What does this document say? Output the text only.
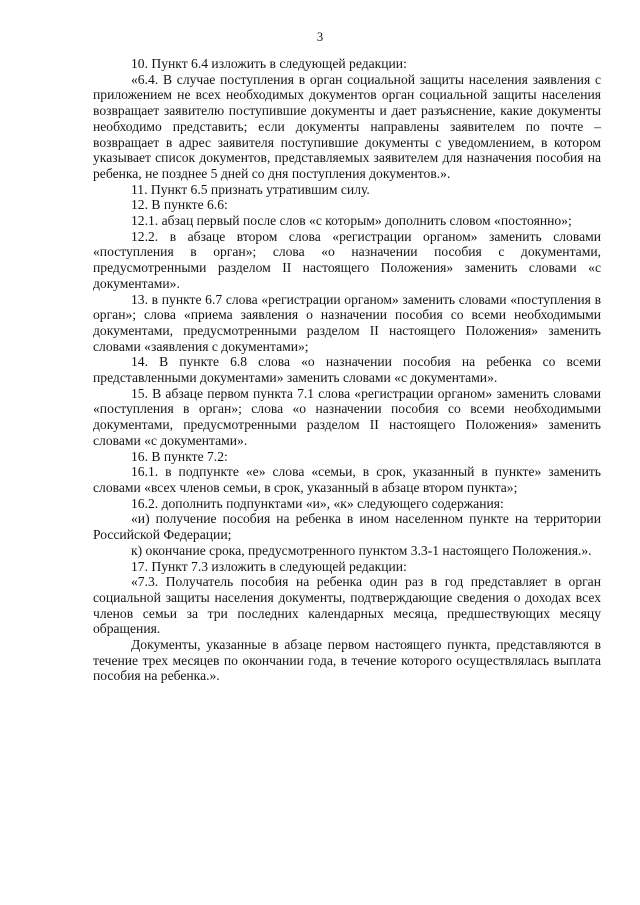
3

10. Пункт 6.4 изложить в следующей редакции:

«6.4. В случае поступления в орган социальной защиты населения заявления с приложением не всех необходимых документов орган социальной защиты населения возвращает заявителю поступившие документы и дает разъяснение, какие документы необходимо представить; если документы направлены заявителем по почте – возвращает в адрес заявителя поступившие документы с уведомлением, в котором указывает список документов, представляемых заявителем для назначения пособия на ребенка, не позднее 5 дней со дня поступления документов.».

11. Пункт 6.5 признать утратившим силу.

12. В пункте 6.6:

12.1. абзац первый после слов «с которым» дополнить словом «постоянно»;

12.2. в абзаце втором слова «регистрации органом» заменить словами «поступления в орган»; слова «о назначении пособия с документами, предусмотренными разделом II настоящего Положения» заменить словами «с документами».

13. в пункте 6.7 слова «регистрации органом» заменить словами «поступления в орган»; слова «приема заявления о назначении пособия со всеми необходимыми документами, предусмотренными разделом II настоящего Положения» заменить словами «заявления с документами»;

14. В пункте 6.8 слова «о назначении пособия на ребенка со всеми представленными документами» заменить словами «с документами».

15. В абзаце первом пункта 7.1 слова «регистрации органом» заменить словами «поступления в орган»; слова «о назначении пособия со всеми необходимыми документами, предусмотренными разделом II настоящего Положения» заменить словами «с документами».

16. В пункте 7.2:

16.1. в подпункте «е» слова «семьи, в срок, указанный в пункте» заменить словами «всех членов семьи, в срок, указанный в абзаце втором пункта»;

16.2. дополнить подпунктами «и», «к» следующего содержания:

«и) получение пособия на ребенка в ином населенном пункте на территории Российской Федерации;

к) окончание срока, предусмотренного пунктом 3.3-1 настоящего Положения.».

17. Пункт 7.3 изложить в следующей редакции:

«7.3. Получатель пособия на ребенка один раз в год представляет в орган социальной защиты населения документы, подтверждающие сведения о доходах всех членов семьи за три последних календарных месяца, предшествующих месяцу обращения.

Документы, указанные в абзаце первом настоящего пункта, представляются в течение трех месяцев по окончании года, в течение которого осуществлялась выплата пособия на ребенка.».
